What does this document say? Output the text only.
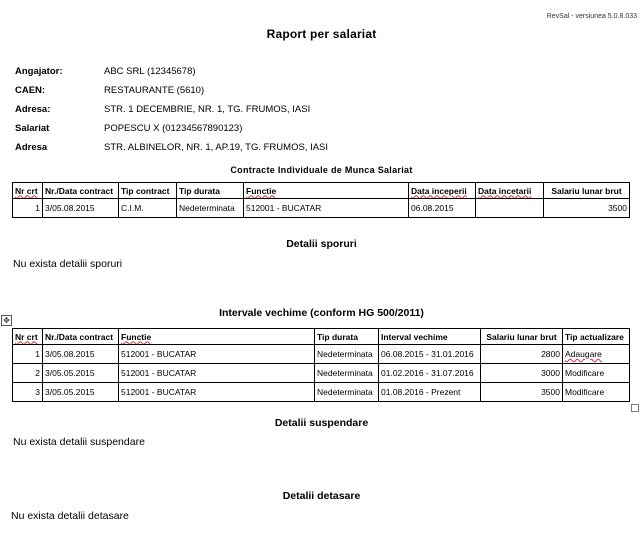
RevSal - versiunea 5.0.8.033
Raport per salariat
Angajator:	ABC SRL (12345678)
CAEN:	RESTAURANTE (5610)
Adresa:	STR. 1 DECEMBRIE, NR. 1, TG. FRUMOS, IASI
Salariat	POPESCU X (01234567890123)
Adresa	STR. ALBINELOR, NR. 1, AP.19, TG. FRUMOS, IASI
Contracte Individuale de Munca Salariat
Nr crt	Nr./Data contract	Tip contract	Tip durata	Functie	Data inceperii	Data incetarii	Salariu lunar brut
1	3/05.08.2015	C.I.M.	Nedeterminata	512001 - BUCATAR	06.08.2015		3500
Detalii sporuri
Nu exista detalii sporuri
Intervale vechime (conform HG 500/2011)
✥
Nr crt	Nr./Data contract	Functie	Tip durata	Interval vechime	Salariu lunar brut	Tip actualizare
1	3/05.08.2015	512001 - BUCATAR	Nedeterminata	06.08.2015 - 31.01.2016	2800	Adaugare
2	3/05.05.2015	512001 - BUCATAR	Nedeterminata	01.02.2016 - 31.07.2016	3000	Modificare
3	3/05.05.2015	512001 - BUCATAR	Nedeterminata	01.08.2016 - Prezent	3500	Modificare
Detalii suspendare
Nu exista detalii suspendare
Detalii detasare
Nu exista detalii detasare
